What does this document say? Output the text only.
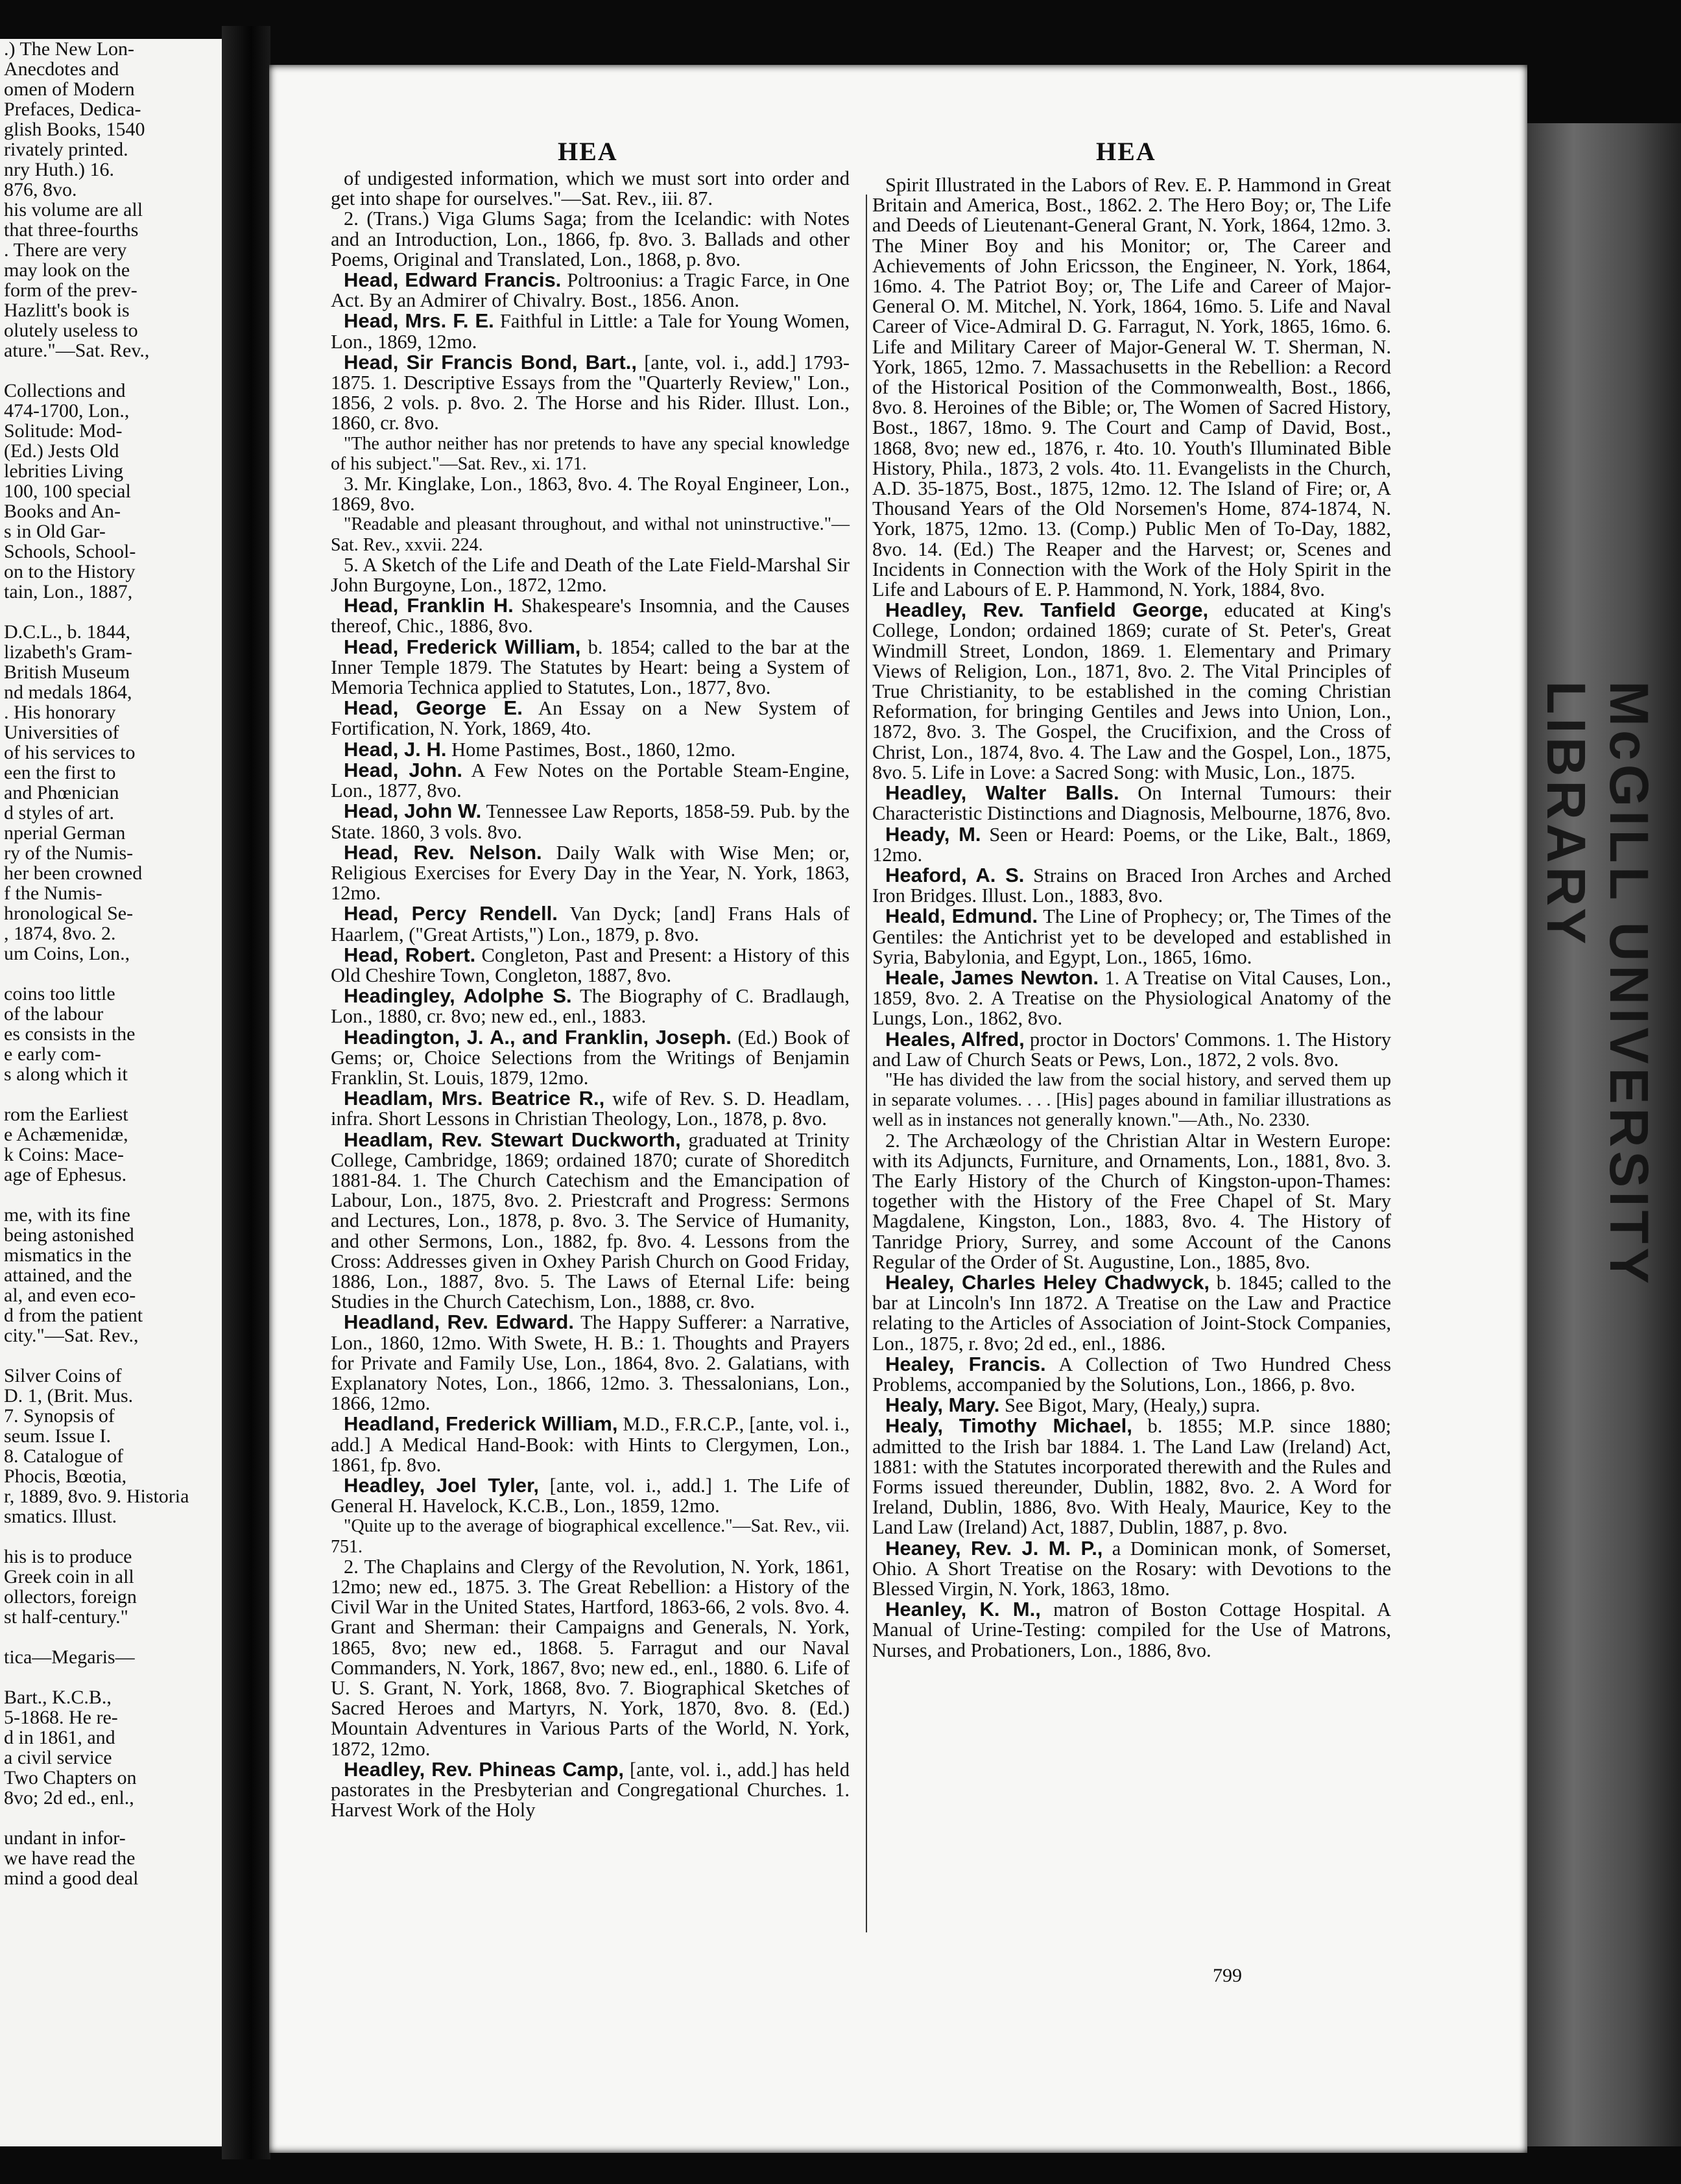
.) The New Lon-
Anecdotes and
omen of Modern
Prefaces, Dedica-
glish Books, 1540
rivately printed.
nry Huth.) 16.
876, 8vo.
his volume are all
that three-fourths
. There are very
may look on the
form of the prev-
Hazlitt's book is
olutely useless to
ature."—Sat. Rev.,

Collections and
474-1700, Lon.,
Solitude: Mod-
(Ed.) Jests Old
lebrities Living
100, 100 special
Books and An-
s in Old Gar-
Schools, School-
on to the History
tain, Lon., 1887,

D.C.L., b. 1844,
lizabeth's Gram-
British Museum
nd medals 1864,
. His honorary
Universities of
of his services to
een the first to
and Phœnician
d styles of art.
nperial German
ry of the Numis-
her been crowned
f the Numis-
hronological Se-
, 1874, 8vo. 2.
um Coins, Lon.,

coins too little
of the labour
es consists in the
e early com-
s along which it

rom the Earliest
e Achæmenidæ,
k Coins: Mace-
age of Ephesus.

me, with its fine
being astonished
mismatics in the
attained, and the
al, and even eco-
d from the patient
city."—Sat. Rev.,

Silver Coins of
D. 1, (Brit. Mus.
7. Synopsis of
seum. Issue I.
8. Catalogue of
Phocis, Bœotia,
r, 1889, 8vo. 9. Historia
smatics. Illust.

his is to produce
Greek coin in all
ollectors, foreign
st half-century."

tica—Megaris—

Bart., K.C.B.,
5-1868. He re-
d in 1861, and
a civil service
Two Chapters on
8vo; 2d ed., enl.,

undant in infor-
we have read the
mind a good deal
McGILL UNIVERSITY LIBRARY
HEA	HEA

of undigested information, which we must sort into order and get into shape for ourselves."—Sat. Rev., iii. 87.

2. (Trans.) Viga Glums Saga; from the Icelandic: with Notes and an Introduction, Lon., 1866, fp. 8vo. 3. Ballads and other Poems, Original and Translated, Lon., 1868, p. 8vo.

Head, Edward Francis. Poltroonius: a Tragic Farce, in One Act. By an Admirer of Chivalry. Bost., 1856. Anon.

Head, Mrs. F. E. Faithful in Little: a Tale for Young Women, Lon., 1869, 12mo.

Head, Sir Francis Bond, Bart., [ante, vol. i., add.] 1793-1875. 1. Descriptive Essays from the "Quarterly Review," Lon., 1856, 2 vols. p. 8vo. 2. The Horse and his Rider. Illust. Lon., 1860, cr. 8vo.

"The author neither has nor pretends to have any special knowledge of his subject."—Sat. Rev., xi. 171.

3. Mr. Kinglake, Lon., 1863, 8vo. 4. The Royal Engineer, Lon., 1869, 8vo.

"Readable and pleasant throughout, and withal not uninstructive."—Sat. Rev., xxvii. 224.

5. A Sketch of the Life and Death of the Late Field-Marshal Sir John Burgoyne, Lon., 1872, 12mo.

Head, Franklin H. Shakespeare's Insomnia, and the Causes thereof, Chic., 1886, 8vo.

Head, Frederick William, b. 1854; called to the bar at the Inner Temple 1879. The Statutes by Heart: being a System of Memoria Technica applied to Statutes, Lon., 1877, 8vo.

Head, George E. An Essay on a New System of Fortification, N. York, 1869, 4to.

Head, J. H. Home Pastimes, Bost., 1860, 12mo.

Head, John. A Few Notes on the Portable Steam-Engine, Lon., 1877, 8vo.

Head, John W. Tennessee Law Reports, 1858-59. Pub. by the State. 1860, 3 vols. 8vo.

Head, Rev. Nelson. Daily Walk with Wise Men; or, Religious Exercises for Every Day in the Year, N. York, 1863, 12mo.

Head, Percy Rendell. Van Dyck; [and] Frans Hals of Haarlem, ("Great Artists,") Lon., 1879, p. 8vo.

Head, Robert. Congleton, Past and Present: a History of this Old Cheshire Town, Congleton, 1887, 8vo.

Headingley, Adolphe S. The Biography of C. Bradlaugh, Lon., 1880, cr. 8vo; new ed., enl., 1883.

Headington, J. A., and Franklin, Joseph. (Ed.) Book of Gems; or, Choice Selections from the Writings of Benjamin Franklin, St. Louis, 1879, 12mo.

Headlam, Mrs. Beatrice R., wife of Rev. S. D. Headlam, infra. Short Lessons in Christian Theology, Lon., 1878, p. 8vo.

Headlam, Rev. Stewart Duckworth, graduated at Trinity College, Cambridge, 1869; ordained 1870; curate of Shoreditch 1881-84. 1. The Church Catechism and the Emancipation of Labour, Lon., 1875, 8vo. 2. Priestcraft and Progress: Sermons and Lectures, Lon., 1878, p. 8vo. 3. The Service of Humanity, and other Sermons, Lon., 1882, fp. 8vo. 4. Lessons from the Cross: Addresses given in Oxhey Parish Church on Good Friday, 1886, Lon., 1887, 8vo. 5. The Laws of Eternal Life: being Studies in the Church Catechism, Lon., 1888, cr. 8vo.

Headland, Rev. Edward. The Happy Sufferer: a Narrative, Lon., 1860, 12mo. With Swete, H. B.: 1. Thoughts and Prayers for Private and Family Use, Lon., 1864, 8vo. 2. Galatians, with Explanatory Notes, Lon., 1866, 12mo. 3. Thessalonians, Lon., 1866, 12mo.

Headland, Frederick William, M.D., F.R.C.P., [ante, vol. i., add.] A Medical Hand-Book: with Hints to Clergymen, Lon., 1861, fp. 8vo.

Headley, Joel Tyler, [ante, vol. i., add.] 1. The Life of General H. Havelock, K.C.B., Lon., 1859, 12mo.

"Quite up to the average of biographical excellence."—Sat. Rev., vii. 751.

2. The Chaplains and Clergy of the Revolution, N. York, 1861, 12mo; new ed., 1875. 3. The Great Rebellion: a History of the Civil War in the United States, Hartford, 1863-66, 2 vols. 8vo. 4. Grant and Sherman: their Campaigns and Generals, N. York, 1865, 8vo; new ed., 1868. 5. Farragut and our Naval Commanders, N. York, 1867, 8vo; new ed., enl., 1880. 6. Life of U. S. Grant, N. York, 1868, 8vo. 7. Biographical Sketches of Sacred Heroes and Martyrs, N. York, 1870, 8vo. 8. (Ed.) Mountain Adventures in Various Parts of the World, N. York, 1872, 12mo.

Headley, Rev. Phineas Camp, [ante, vol. i., add.] has held pastorates in the Presbyterian and Congregational Churches. 1. Harvest Work of the Holy

Spirit Illustrated in the Labors of Rev. E. P. Hammond in Great Britain and America, Bost., 1862. 2. The Hero Boy; or, The Life and Deeds of Lieutenant-General Grant, N. York, 1864, 12mo. 3. The Miner Boy and his Monitor; or, The Career and Achievements of John Ericsson, the Engineer, N. York, 1864, 16mo. 4. The Patriot Boy; or, The Life and Career of Major-General O. M. Mitchel, N. York, 1864, 16mo. 5. Life and Naval Career of Vice-Admiral D. G. Farragut, N. York, 1865, 16mo. 6. Life and Military Career of Major-General W. T. Sherman, N. York, 1865, 12mo. 7. Massachusetts in the Rebellion: a Record of the Historical Position of the Commonwealth, Bost., 1866, 8vo. 8. Heroines of the Bible; or, The Women of Sacred History, Bost., 1867, 18mo. 9. The Court and Camp of David, Bost., 1868, 8vo; new ed., 1876, r. 4to. 10. Youth's Illuminated Bible History, Phila., 1873, 2 vols. 4to. 11. Evangelists in the Church, A.D. 35-1875, Bost., 1875, 12mo. 12. The Island of Fire; or, A Thousand Years of the Old Norsemen's Home, 874-1874, N. York, 1875, 12mo. 13. (Comp.) Public Men of To-Day, 1882, 8vo. 14. (Ed.) The Reaper and the Harvest; or, Scenes and Incidents in Connection with the Work of the Holy Spirit in the Life and Labours of E. P. Hammond, N. York, 1884, 8vo.

Headley, Rev. Tanfield George, educated at King's College, London; ordained 1869; curate of St. Peter's, Great Windmill Street, London, 1869. 1. Elementary and Primary Views of Religion, Lon., 1871, 8vo. 2. The Vital Principles of True Christianity, to be established in the coming Christian Reformation, for bringing Gentiles and Jews into Union, Lon., 1872, 8vo. 3. The Gospel, the Crucifixion, and the Cross of Christ, Lon., 1874, 8vo. 4. The Law and the Gospel, Lon., 1875, 8vo. 5. Life in Love: a Sacred Song: with Music, Lon., 1875.

Headley, Walter Balls. On Internal Tumours: their Characteristic Distinctions and Diagnosis, Melbourne, 1876, 8vo.

Heady, M. Seen or Heard: Poems, or the Like, Balt., 1869, 12mo.

Heaford, A. S. Strains on Braced Iron Arches and Arched Iron Bridges. Illust. Lon., 1883, 8vo.

Heald, Edmund. The Line of Prophecy; or, The Times of the Gentiles: the Antichrist yet to be developed and established in Syria, Babylonia, and Egypt, Lon., 1865, 16mo.

Heale, James Newton. 1. A Treatise on Vital Causes, Lon., 1859, 8vo. 2. A Treatise on the Physiological Anatomy of the Lungs, Lon., 1862, 8vo.

Heales, Alfred, proctor in Doctors' Commons. 1. The History and Law of Church Seats or Pews, Lon., 1872, 2 vols. 8vo.

"He has divided the law from the social history, and served them up in separate volumes. . . . [His] pages abound in familiar illustrations as well as in instances not generally known."—Ath., No. 2330.

2. The Archæology of the Christian Altar in Western Europe: with its Adjuncts, Furniture, and Ornaments, Lon., 1881, 8vo. 3. The Early History of the Church of Kingston-upon-Thames: together with the History of the Free Chapel of St. Mary Magdalene, Kingston, Lon., 1883, 8vo. 4. The History of Tanridge Priory, Surrey, and some Account of the Canons Regular of the Order of St. Augustine, Lon., 1885, 8vo.

Healey, Charles Heley Chadwyck, b. 1845; called to the bar at Lincoln's Inn 1872. A Treatise on the Law and Practice relating to the Articles of Association of Joint-Stock Companies, Lon., 1875, r. 8vo; 2d ed., enl., 1886.

Healey, Francis. A Collection of Two Hundred Chess Problems, accompanied by the Solutions, Lon., 1866, p. 8vo.

Healy, Mary. See Bigot, Mary, (Healy,) supra.

Healy, Timothy Michael, b. 1855; M.P. since 1880; admitted to the Irish bar 1884. 1. The Land Law (Ireland) Act, 1881: with the Statutes incorporated therewith and the Rules and Forms issued thereunder, Dublin, 1882, 8vo. 2. A Word for Ireland, Dublin, 1886, 8vo. With Healy, Maurice, Key to the Land Law (Ireland) Act, 1887, Dublin, 1887, p. 8vo.

Heaney, Rev. J. M. P., a Dominican monk, of Somerset, Ohio. A Short Treatise on the Rosary: with Devotions to the Blessed Virgin, N. York, 1863, 18mo.

Heanley, K. M., matron of Boston Cottage Hospital. A Manual of Urine-Testing: compiled for the Use of Matrons, Nurses, and Probationers, Lon., 1886, 8vo.

799
